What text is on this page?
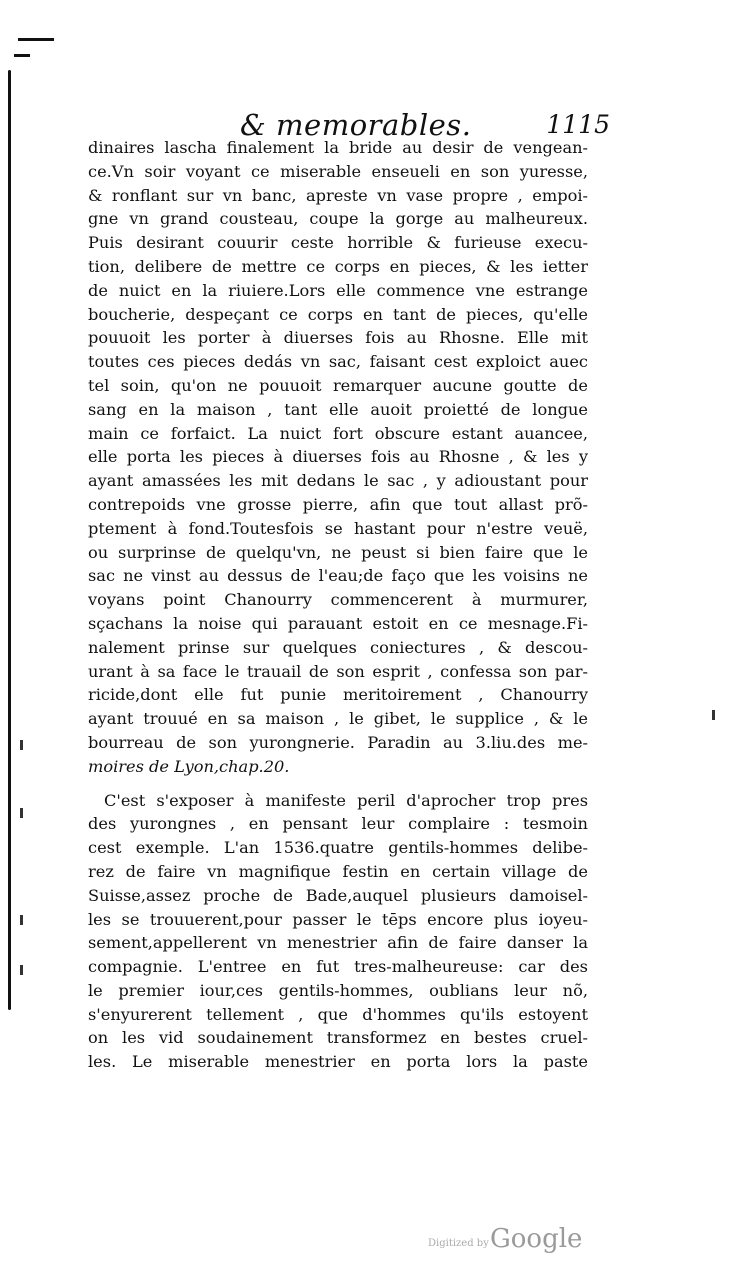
& memorables.	1115
dinaires lascha finalement la bride au desir de vengean-
ce.Vn soir voyant ce miserable enseueli en son yuresse,
& ronflant sur vn banc, apreste vn vase propre , empoi-
gne vn grand cousteau, coupe la gorge au malheureux.
Puis desirant couurir ceste horrible & furieuse execu-
tion, delibere de mettre ce corps en pieces, & les ietter
de nuict en la riuiere.Lors elle commence vne estrange
boucherie, despeçant ce corps en tant de pieces, qu'elle
pouuoit les porter à diuerses fois au Rhosne. Elle mit
toutes ces pieces dedás vn sac, faisant cest exploict auec
tel soin, qu'on ne pouuoit remarquer aucune goutte de
sang en la maison , tant elle auoit proietté de longue
main ce forfaict. La nuict fort obscure estant auancee,
elle porta les pieces à diuerses fois au Rhosne , & les y
ayant amassées les mit dedans le sac , y adioustant pour
contrepoids vne grosse pierre, afin que tout allast prõ-
ptement à fond.Toutesfois se hastant pour n'estre veuë,
ou surprinse de quelqu'vn, ne peust si bien faire que le
sac ne vinst au dessus de l'eau;de faço que les voisins ne
voyans point Chanourry commencerent à murmurer,
sçachans la noise qui parauant estoit en ce mesnage.Fi-
nalement prinse sur quelques coniectures , & descou-
urant à sa face le trauail de son esprit , confessa son par-
ricide,dont elle fut punie meritoirement , Chanourry
ayant trouué en sa maison , le gibet, le supplice , & le
bourreau de son yurongnerie. Paradin au 3.liu.des me-
moires de Lyon,chap.20.
C'est s'exposer à manifeste peril d'aprocher trop pres
des yurongnes , en pensant leur complaire : tesmoin
cest exemple. L'an 1536.quatre gentils-hommes delibe-
rez de faire vn magnifique festin en certain village de
Suisse,assez proche de Bade,auquel plusieurs damoisel-
les se trouuerent,pour passer le tēps encore plus ioyeu-
sement,appellerent vn menestrier afin de faire danser la
compagnie. L'entree en fut tres-malheureuse: car des
le premier iour,ces gentils-hommes, oublians leur nõ,
s'enyurerent tellement , que d'hommes qu'ils estoyent
on les vid soudainement transformez en bestes cruel-
les. Le miserable menestrier en porta lors la paste
Digitized by Google
